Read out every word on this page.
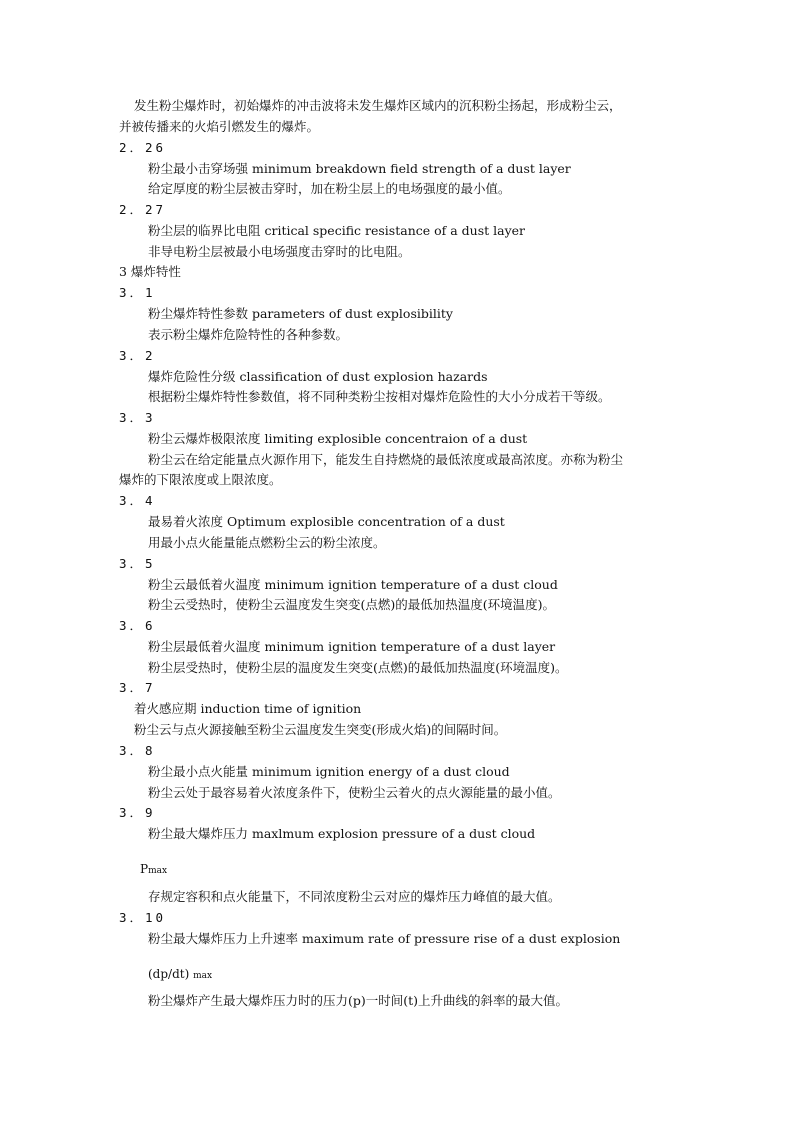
发生粉尘爆炸时，初始爆炸的冲击波将未发生爆炸区域内的沉积粉尘扬起，形成粉尘云，
并被传播来的火焰引燃发生的爆炸。
2．26
粉尘最小击穿场强 minimum breakdown field strength of a dust layer
给定厚度的粉尘层被击穿时，加在粉尘层上的电场强度的最小值。
2．27
粉尘层的临界比电阻 critical specific resistance of a dust layer
非导电粉尘层被最小电场强度击穿时的比电阻。
3 爆炸特性
3．1
粉尘爆炸特性参数 parameters of dust explosibility
表示粉尘爆炸危险特性的各种参数。
3．2
爆炸危险性分级 classification of dust explosion hazards
根据粉尘爆炸特性参数值，将不同种类粉尘按相对爆炸危险性的大小分成若干等级。
3．3
粉尘云爆炸极限浓度 limiting explosible concentraion of a dust
粉尘云在给定能量点火源作用下，能发生自持燃烧的最低浓度或最高浓度。亦称为粉尘
爆炸的下限浓度或上限浓度。
3．4
最易着火浓度 Optimum explosible concentration of a dust
用最小点火能量能点燃粉尘云的粉尘浓度。
3．5
粉尘云最低着火温度 minimum ignition temperature of a dust cloud
粉尘云受热时，使粉尘云温度发生突变(点燃)的最低加热温度(环境温度)。
3．6
粉尘层最低着火温度 minimum ignition temperature of a dust layer
粉尘层受热时，使粉尘层的温度发生突变(点燃)的最低加热温度(环境温度)。
3．7
着火感应期 induction time of ignition
粉尘云与点火源接触至粉尘云温度发生突变(形成火焰)的间隔时间。
3．8
粉尘最小点火能量 minimum ignition energy of a dust cloud
粉尘云处于最容易着火浓度条件下，使粉尘云着火的点火源能量的最小值。
3．9
粉尘最大爆炸压力 maxlmum explosion pressure of a dust cloud
Pmax
存规定容积和点火能量下，不同浓度粉尘云对应的爆炸压力峰值的最大值。
3．10
粉尘最大爆炸压力上升速率 maximum rate of pressure rise of a dust explosion
(dp/dt) max
粉尘爆炸产生最大爆炸压力时的压力(p)一时间(t)上升曲线的斜率的最大值。
